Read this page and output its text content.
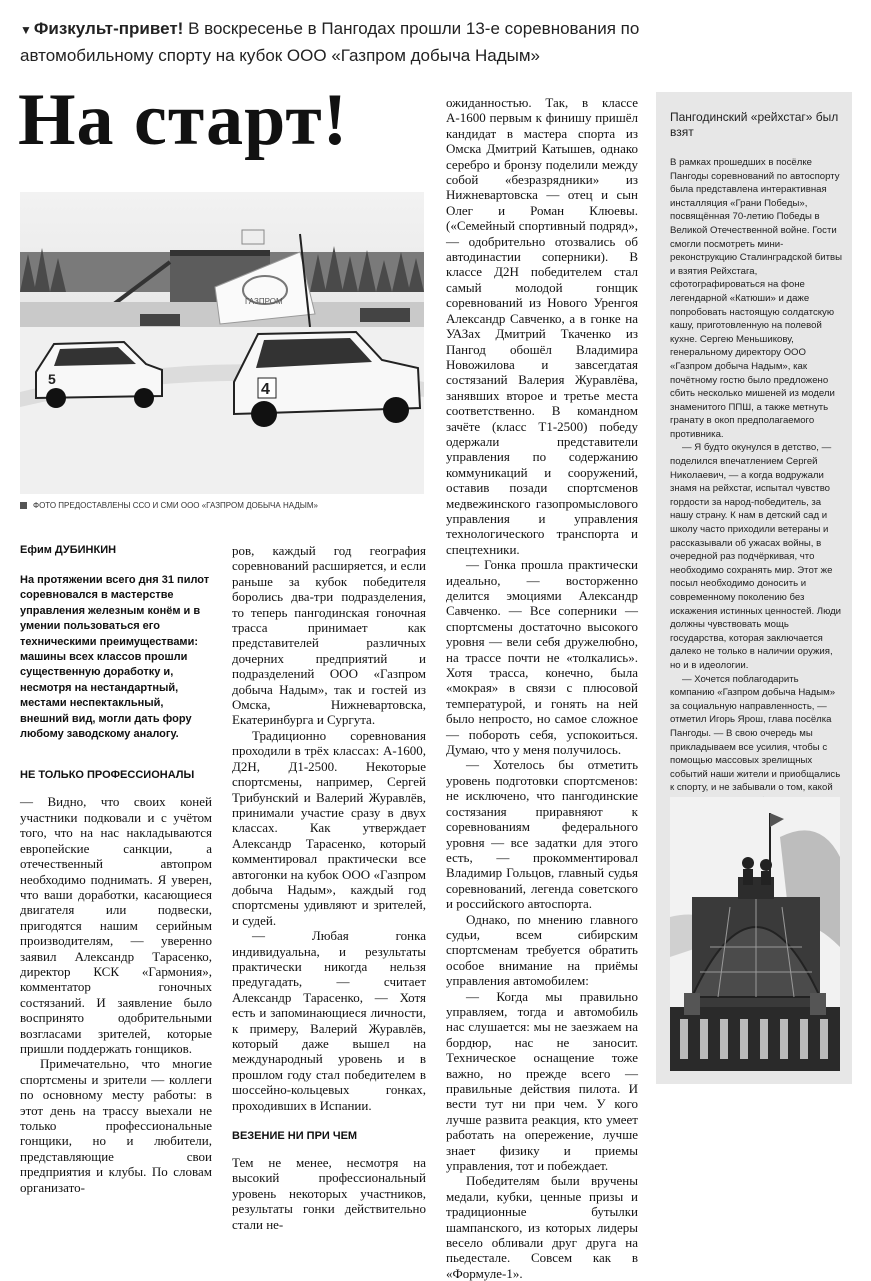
▼ Физкульт-привет! В воскресенье в Пангодах прошли 13-е соревнования по автомобильному спорту на кубок ООО «Газпром добыча Надым»
На старт!
ГАЗПРОМ
5
4
ФОТО ПРЕДОСТАВЛЕНЫ ССО И СМИ ООО «ГАЗПРОМ ДОБЫЧА НАДЫМ»
Ефим ДУБИНКИН

На протяжении всего дня 31 пилот соревновался в мастерстве управления железным конём и в умении пользоваться его техническими преимуществами: машины всех классов прошли существенную доработку и, несмотря на нестандартный, местами неспектакльный, внешний вид, могли дать фору любому заводскому аналогу.

НЕ ТОЛЬКО ПРОФЕССИОНАЛЫ

— Видно, что своих коней участники подковали и с учётом того, что на нас накладываются европейские санкции, а отечественный автопром необходимо поднимать. Я уверен, что ваши доработки, касающиеся двигателя или подвески, пригодятся нашим серийным производителям, — уверенно заявил Александр Тарасенко, директор КСК «Гармония», комментатор гоночных состязаний. И заявление было воспринято одобрительными возгласами зрителей, которые пришли поддержать гонщиков.

Примечательно, что многие спортсмены и зрители — коллеги по основному месту работы: в этот день на трассу выехали не только профессиональные гонщики, но и любители, представляющие свои предприятия и клубы. По словам организато-

ров, каждый год география соревнований расширяется, и если раньше за кубок победителя боролись два-три подразделения, то теперь пангодинская гоночная трасса принимает как представителей различных дочерних предприятий и подразделений ООО «Газпром добыча Надым», так и гостей из Омска, Нижневартовска, Екатеринбурга и Сургута.

Традиционно соревнования проходили в трёх классах: А-1600, Д2Н, Д1-2500. Некоторые спортсмены, например, Сергей Трибунский и Валерий Журавлёв, принимали участие сразу в двух классах. Как утверждает Александр Тарасенко, который комментировал практически все автогонки на кубок ООО «Газпром добыча Надым», каждый год спортсмены удивляют и зрителей, и судей.

— Любая гонка индивидуальна, и результаты практически никогда нельзя предугадать, — считает Александр Тарасенко, — Хотя есть и запоминающиеся личности, к примеру, Валерий Журавлёв, который даже вышел на международный уровень и в прошлом году стал победителем в шоссейно-кольцевых гонках, проходивших в Испании.

ВЕЗЕНИЕ НИ ПРИ ЧЕМ

Тем не менее, несмотря на высокий профессиональный уровень некоторых участников, результаты гонки действительно стали не-

ожиданностью. Так, в классе А-1600 первым к финишу пришёл кандидат в мастера спорта из Омска Дмитрий Катышев, однако серебро и бронзу поделили между собой «безразрядники» из Нижневартовска — отец и сын Олег и Роман Клюевы. («Семейный спортивный подряд», — одобрительно отозвались об автодинастии соперники). В классе Д2Н победителем стал самый молодой гонщик соревнований из Нового Уренгоя Александр Савченко, а в гонке на УАЗах Дмитрий Ткаченко из Пангод обошёл Владимира Новожилова и завсегдатая состязаний Валерия Журавлёва, занявших второе и третье места соответственно. В командном зачёте (класс Т1-2500) победу одержали представители управления по содержанию коммуникаций и сооружений, оставив позади спортсменов медвежинского газопромыслового управления и управления технологического транспорта и спецтехники.

— Гонка прошла практически идеально, — восторженно делится эмоциями Александр Савченко. — Все соперники — спортсмены достаточно высокого уровня — вели себя дружелюбно, на трассе почти не «толкались». Хотя трасса, конечно, была «мокрая» в связи с плюсовой температурой, и гонять на ней было непросто, но самое сложное — побороть себя, успокоиться. Думаю, что у меня получилось.

— Хотелось бы отметить уровень подготовки спортсменов: не исключено, что пангодинские состязания приравняют к соревнованиям федерального уровня — все задатки для этого есть, — прокомментировал Владимир Гольцов, главный судья соревнований, легенда советского и российского автоспорта.

Однако, по мнению главного судьи, всем сибирским спортсменам требуется обратить особое внимание на приёмы управления автомобилем:

— Когда мы правильно управляем, тогда и автомобиль нас слушается: мы не заезжаем на бордюр, нас не заносит. Техническое оснащение тоже важно, но прежде всего — правильные действия пилота. И вести тут ни при чем. У кого лучше развита реакция, кто умеет работать на опережение, лучше знает физику и приемы управления, тот и побеждает.

Победителям были вручены медали, кубки, ценные призы и традиционные бутылки шампанского, из которых лидеры весело обливали друг друга на пьедестале. Совсем как в «Формуле-1».

Пангодинский «рейхстаг» был взят

В рамках прошедших в посёлке Пангоды соревнований по автоспорту была представлена интерактивная инсталляция «Грани Победы», посвящённая 70-летию Победы в Великой Отечественной войне. Гости смогли посмотреть мини-реконструкцию Сталинградской битвы и взятия Рейхстага, сфотографироваться на фоне легендарной «Катюши» и даже попробовать настоящую солдатскую кашу, приготовленную на полевой кухне. Сергею Меньшикову, генеральному директору ООО «Газпром добыча Надым», как почётному гостю было предложено сбить несколько мишеней из модели знаменитого ППШ, а также метнуть гранату в окоп предполагаемого противника.

— Я будто окунулся в детство, — поделился впечатлением Сергей Николаевич, — а когда водружали знамя на рейхстаг, испытал чувство гордости за народ-победитель, за нашу страну. К нам в детский сад и школу часто приходили ветераны и рассказывали об ужасах войны, в очередной раз подчёркивая, что необходимо сохранять мир. Этот же посыл необходимо доносить и современному поколению без искажения истинных ценностей. Люди должны чувствовать мощь государства, которая заключается далеко не только в наличии оружия, но и в идеологии.

— Хочется поблагодарить компанию «Газпром добыча Надым» за социальную направленность, — отметил Игорь Ярош, глава посёлка Пангоды. — В свою очередь мы прикладываем все усилия, чтобы с помощью массовых зрелищных событий наши жители и приобщались к спорту, и не забывали о том, какой
